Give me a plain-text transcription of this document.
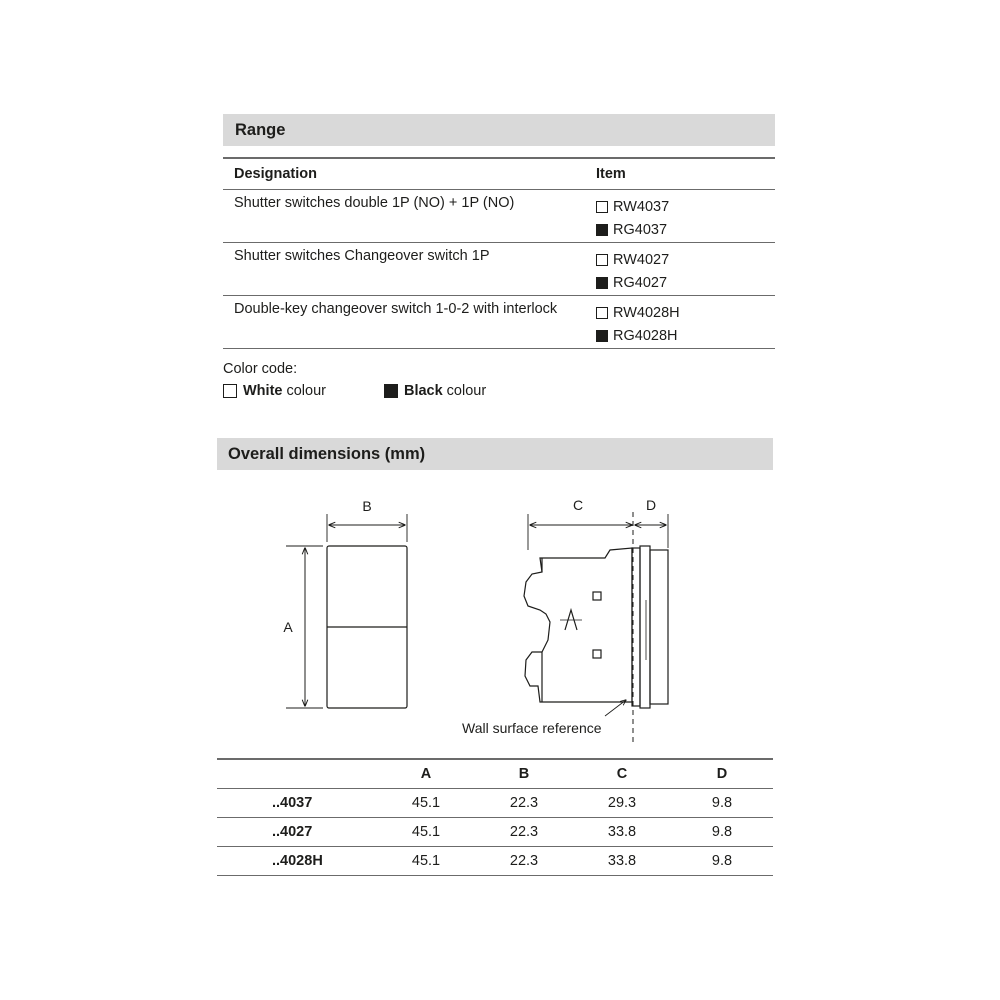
Range
Designation	Item
Shutter switches double 1P (NO) + 1P (NO)	RW4037
RG4037
Shutter switches Changeover switch 1P	RW4027
RG4027
Double-key changeover switch 1-0-2 with interlock	RW4028H
RG4028H
Color code:
White colour	Black colour
Overall dimensions (mm)
B
A
C	D
Wall surface reference
	A	B	C	D
..4037	45.1	22.3	29.3	9.8
..4027	45.1	22.3	33.8	9.8
..4028H	45.1	22.3	33.8	9.8
